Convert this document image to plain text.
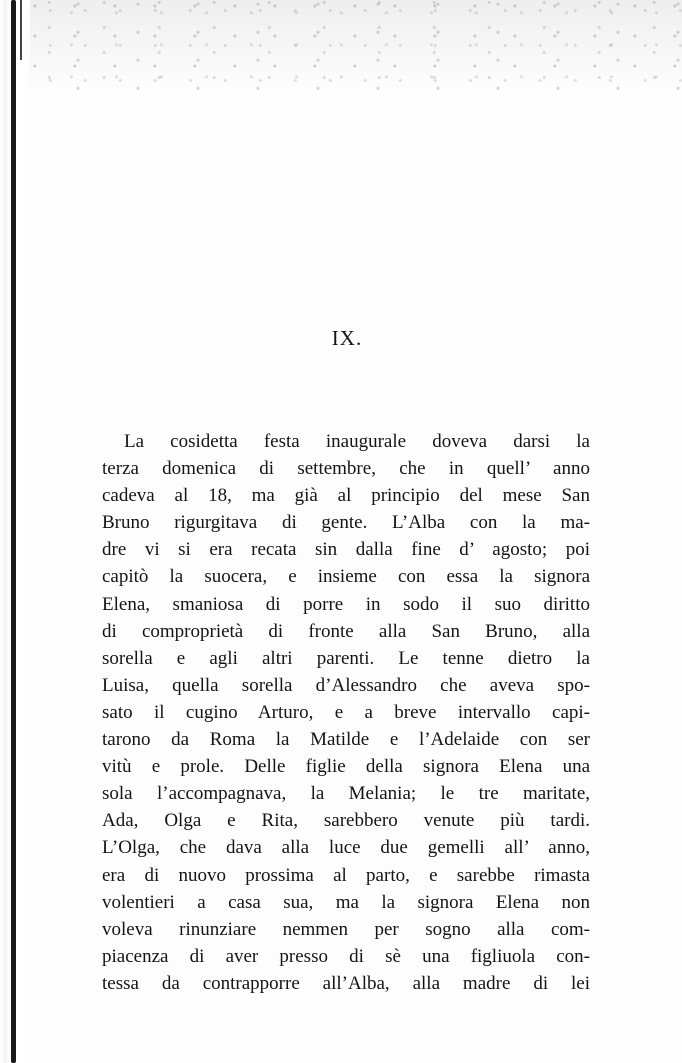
IX.
La cosidetta festa inaugurale doveva darsi la
terza domenica di settembre, che in quell’ anno
cadeva al 18, ma già al principio del mese San
Bruno rigurgitava di gente. L’Alba con la ma-
dre vi si era recata sin dalla fine d’ agosto; poi
capitò la suocera, e insieme con essa la signora
Elena, smaniosa di porre in sodo il suo diritto
di comproprietà di fronte alla San Bruno, alla
sorella e agli altri parenti. Le tenne dietro la
Luisa, quella sorella d’Alessandro che aveva spo-
sato il cugino Arturo, e a breve intervallo capi-
tarono da Roma la Matilde e l’Adelaide con ser
vitù e prole. Delle figlie della signora Elena una
sola l’accompagnava, la Melania; le tre maritate,
Ada, Olga e Rita, sarebbero venute più tardi.
L’Olga, che dava alla luce due gemelli all’ anno,
era di nuovo prossima al parto, e sarebbe rimasta
volentieri a casa sua, ma la signora Elena non
voleva rinunziare nemmen per sogno alla com-
piacenza di aver presso di sè una figliuola con-
tessa da contrapporre all’Alba, alla madre di lei
